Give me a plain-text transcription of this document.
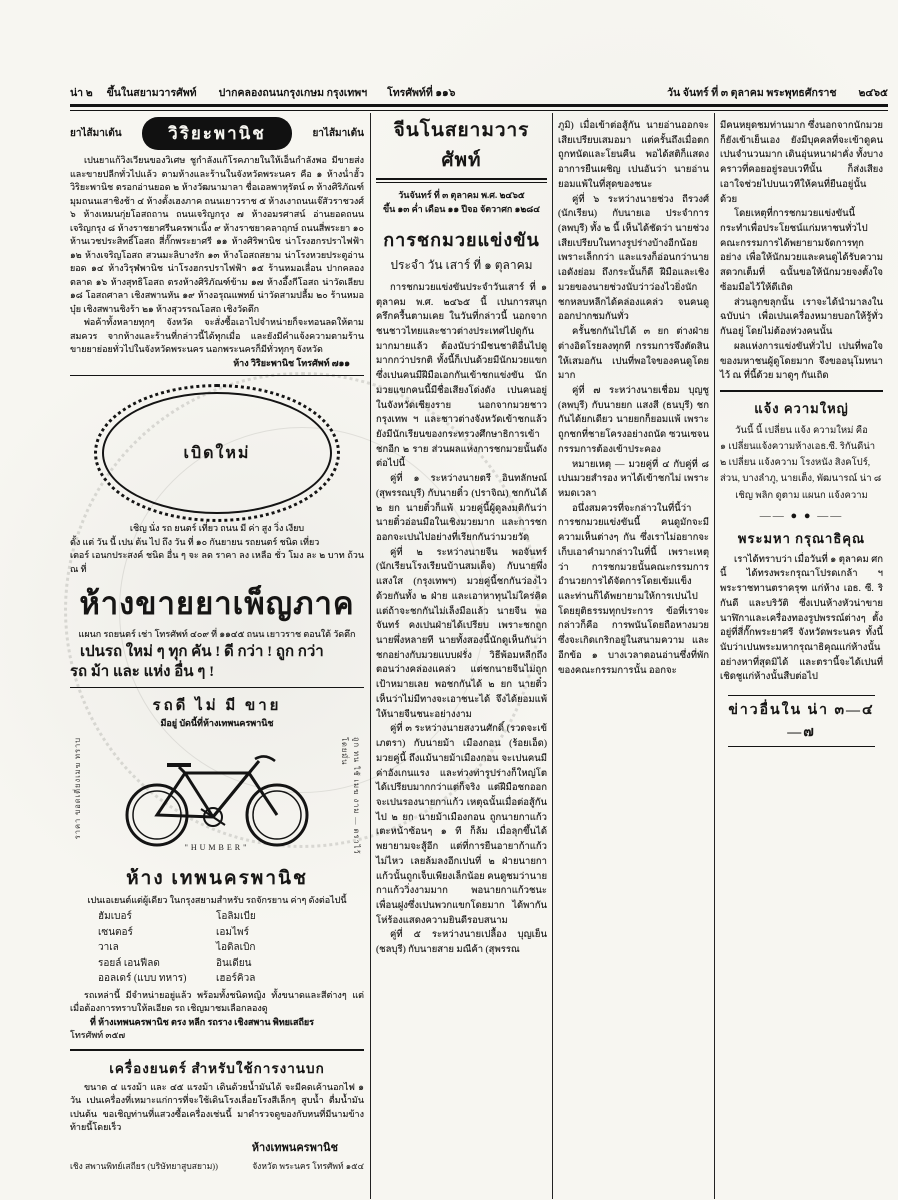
น่า ๒ ขึ้นในสยามวารศัพท์ ปากคลองถนนกรุงเกษม กรุงเทพฯ โทรศัพท์ที่ ๑๑๖	วัน จันทร์ ที่ ๓ ตุลาคม พระพุทธศักราช ๒๔๖๕
ยาไส้มาเต้น	วิริยะพานิช	ยาไส้มาเต้น

เปนยาแก้วิงเวียนของวิเศษ ชูกำลังแก้โรคภายในให้เอ็นกำลังพอ มีขายส่งและขายปลีกทั่วไปแล้ว ตามห้างและร้านในจังหวัดพระนคร คือ ๑ ห้างน่ำฮั้ววิริยะพานิช ตรอกอ่านยอด ๒ ห้างวัฒนามาลา ชื่อเอลพาหุรัตน์ ๓ ห้างศิริภัณฑ์ มุมถนนเสาชิงช้า ๔ ห้างตั้งเฮงภาค ถนนเยาวราช ๕ ห้างเงาถนนเจ๊สัวราชวงศ์ ๖ ห้างเหมนกุ่ยโอสถถาน ถนนเจริญกรุง ๗ ห้างอมรศาสน์ อ่านยอดถนนเจริญกรุง ๘ ห้างราชยาศรีนครพาเนิ้ง ๙ ห้างราชยาคลาฤกษ์ ถนนสี่พระยา ๑๐ ห้านเวชประสิทธิ์โอสถ สี่กั๊กพระยาศรี ๑๑ ห้างศิริพานิช น่าโรงฮกรปราไฟฟ้า ๑๒ ห้างเจริญโอสถ สวนมะลิบางรัก ๑๓ ห้างโอสถสยาม น่าโรงหวยประตูอ่านยอด ๑๔ ห้างวิรุฬพานิช น่าโรงฮกรปราไฟฟ้า ๑๕ ร้านหมอเลื่อน ปากคลองตลาด ๑๖ ห้างสุทธิโอสถ ตรงห้างศิริภัณฑ์ข้าม ๑๗ ห้างอึ้งกีโอสถ น่าวัดเลียบ ๑๘ โอสถศาลา เชิงสพานหัน ๑๙ ห้างอรุณแพทย์ น่าวัดสามปลื้ม ๒๐ ร้านหมอบุ๋ย เชิงสพานชิงร้า ๒๑ ห้างสุวรรณโอสถ เชิงวัดตึก

พ่อค้าทั้งหลายทุกๆ จังหวัด จะสั่งซื้อเอาไปจำหน่ายก็จะทอนลดให้ตามสมควร จากห้างและร้านที่กล่าวนี้ได้ทุกเมื่อ และยังมีคำแจ้งความตามร้านขายยาย่อยทั่วไปในจังหวัดพระนคร นอกพระนครก็มีทั่วทุกๆ จังหวัด

ห้าง วิริยะพานิช โทรศัพท์ ๗๑๑
เบิดใหม่
เชิญ นั่ง รถ ยนตร์ เที่ยว ถนน มี ค่า สูง วิ่ง เงียบ
ตั้ง แต่ วัน นี้ เปน ต้น ไป ถึง วัน ที่ ๑๐ กันยายน รถยนตร์ ชนิด เที่ยว
เตอร์ เอนกประสงค์ ชนิด อื่น ๆ จะ ลด ราคา ลง เหลือ ชั่ว โมง ละ ๒ บาท ถ้วน ณ ที่
ห้างขายยาเพ็ญภาค
แผนก รถยนตร์ เช่า โทรศัพท์ ๔๐๙ ที่ ๑๑๔๕ ถนน เยาวราช ตอนใต้ วัดตึก
เปนรถ ใหม่ ๆ ทุก คัน ! ดี กว่า ! ถูก กว่า
รถ ม้า และ แห่ง อื่น ๆ !
รถดี ไม่ มี ขาย
มีอยู่ บัดนี้ที่ห้างเทพนครพานิช
ราคา ขอดเตี่ยงเมฆ ทราบ	ถูก ทน ใช้ เมฆ งาม — ตราไว้ โดยมั่น
"HUMBER"
ห้าง เทพนครพานิช
เปนเอเยนต์แต่ผู้เดียว ในกรุงสยามสำหรับ รถจักรยาน ค่าๆ ดังต่อไปนี้
ฮัมเบอร์	โอลิมเบีย
เซนตอร์	เอมไพร์
วาเล	ไอดิลเบิก
รอยล์ เอนฟีลด	อินเดียน
ออลเดร์ (แบบ ทหาร)	เฮอร์คิวล

รถเหล่านี้ มีจำหน่ายอยู่แล้ว พร้อมทั้งชนิดหญิง ทั้งขนาดและสีต่างๆ แต่เมื่อต้องการทราบให้ลเอียด รถ เชิญมาชมเลือกลองดู

ที่ ห้างเทพนครพานิช ตรง หลีก รถราง เชิงสพาน พิทยเสถียร

โทรศัพท์ ๓๕๗
เครื่องยนตร์ สำหรับใช้การงานบก

ขนาด ๔ แรงม้า และ ๔๕ แรงม้า เดินด้วยน้ำมันได้ จะมีคดเค้านอกไฟ ๑ วัน เปนเครื่องที่เหมาะแก่การที่จะใช้เดินโรงเลื่อยโรงสีเล็กๆ สูบน้ำ ตื่มน้ำมันเปนต้น ขอเชิญท่านที่แสวงซื้อเครื่องเช่นนี้ มาดำรวจดูของกับหนที่มีนามข้างท้ายนี้โดยเร็ว

ห้างเทพนครพานิช
เชิง สพานพิทย์เสถียร (บริษัทยาสูบสยาม))	จังหวัด พระนคร โทรศัพท์ ๑๕๔
จีนโนสยามวารศัพท์
วันจันทร์ ที่ ๓ ตุลาคม พ.ศ. ๒๔๖๕
ขึ้น ๑๓ ค่ำ เดือน ๑๑ ปีจอ จัตวาศก ๑๒๘๔
การชกมวยแข่งขัน
ประจำ วัน เสาร์ ที่ ๑ ตุลาคม

การชกมวยแข่งขันประจำวันเสาร์ ที่ ๑ ตุลาคม พ.ศ. ๒๔๖๕ นี้ เปนการสนุกครึกครื้นตามเคย ในวันที่กล่าวนี้ นอกจากชนชาวไทยและชาวต่างประเทศไปดูกันมากมายแล้ว ต้องนับว่ามีชนชาติอื่นไปดูมากกว่าปรกติ ทั้งนี้ก็เปนด้วยมีนักมวยแขกซึ่งเปนคนมีฝีมือเอกกันเข้าชกแข่งขัน นักมวยแขกคนนี้มีชื่อเสียงโด่งดัง เปนคนอยู่ในจังหวัดเชียงราย นอกจากมวยชาวกรุงเทพ ฯ และชาวต่างจังหวัดเข้าชกแล้ว ยังมีนักเรียนของกระทรวงศึกษาธิการเข้าชกอีก ๒ ราย ส่วนผลแห่งการชกมวยนั้นดังต่อไปนี้

คู่ที่ ๑ ระหว่างนายตรี อินทลักษณ์ (สุพรรณบุรี) กับนายติ๋ว (ปราจิณ) ชกกันได้ ๒ ยก นายติ๋วก็แพ้ มวยคู่นี้ผู้ดูลงมติกันว่า นายติ๋วอ่อนมือในเชิงมวยมาก และการชกออกจะเปนไปอย่างที่เรียกกันว่ามวยวัด

คู่ที่ ๒ ระหว่างนายจีน พอจันทร์ (นักเรียนโรงเรียนบ้านสมเด็จ) กับนายพึ่ง แสงใส (กรุงเทพฯ) มวยคู่นี้ชกกันว่องไวด้วยกันทั้ง ๒ ฝ่าย และเอาหาทุนไม่ใคร่คิด แต่ถ้าจะชกกันไม่เล็งมือแล้ว นายจีน พอจันทร์ คงเปนฝ่ายได้เปรียบ เพราะชกถูกนายพึ่งหลายที นายทั้งสองนี้นักดูเห็นกันว่า ชกอย่างกับมวยแบบฝรั่ง วิธีพ้อมหลีกถึงตอนว่างคล่องแคล่ว แต่ชกนายจีนไม่ถูกเป้าหมายเลย พอชกกันได้ ๒ ยก นายติ๋วเห็นว่าไม่มีทางจะเอาชนะได้ จึงได้ยอมแพ้ให้นายจีนชนะอย่างงาม

คู่ที่ ๓ ระหว่างนายสงวนศักดิ์ (รวดจะเข้เภตรา) กับนายม้า เมืองกอน (ร้อยเอ็ด) มวยคู่นี้ ถึงแม้นายม้าเมืองกอน จะเปนคนมีค่าอังเกนแรง และท่วงท่ารูปร่างก็ใหญ่โต ได้เปรียบมากกว่าแต่ก็จริง แต่ฝีมือชกออกจะเปนรองนายกาแก้ว เหตุฉนั้นเมื่อต่อสู้กันไป ๒ ยก นายม้าเมืองกอน ถูกนายกาแก้วเตะหน้าซ้อนๆ ๑ ที ก็ล้ม เมื่อลุกขึ้นได้พยายามจะสู้อีก แต่ที่การยืนอายาก้าแก้วไม่ไหว เลยล้มลงอีกเปนที่ ๒ ฝ่ายนายกาแก้วนั้นถูกเจ็บเพียงเล็กน้อย คนดูชมว่านายกาแก้ววิ่งงามมาก พอนายกาแก้วชนะ เพื่อนฝูงซึ่งเปนพวกแขกโดยมาก ได้พากันโห่ร้องแสดงความยินดีรอบสนาม

คู่ที่ ๕ ระหว่างนายเปลื้อง บุญเย็น (ชลบุรี) กับนายสาย มณีค้า (สุพรรณ

ภูมิ) เมื่อเข้าต่อสู้กัน นายอ่านออกจะเสียเปรียบเสมอมา แต่ครั้นถึงเมื่อตกถูกทนัดและโยนคืน พอได้สติก็แสดงอาการยืนเผชิญ เปนอันว่า นายอ่านยอมแพ้ในที่สุดของชนะ

คู่ที่ ๖ ระหว่างนายช่วง ถีรวงศ์ (นักเรียน) กับนายเอ ประจำการ (ลพบุรี) ทั้ง ๒ นี้ เห็นได้ชัดว่า นายช่วงเสียเปรียบในทางรูปร่างบ้างอีกน้อย เพราะเล็กกว่า และแรงก็อ่อนกว่านายเอดังย่อม ถึงกระนั้นก็ดี ฝีมือและเชิงมวยของนายช่วงนับว่าว่องไวยิ่งนัก ชกหลบหลีกได้คล่องแคล่ว จนคนดูออกปากชมกันทั่ว

ครั้นชกกันไปได้ ๓ ยก ต่างฝ่ายต่างอิดโรยลงทุกที กรรมการจึงตัดสินให้เสมอกัน เปนที่พอใจของคนดูโดยมาก

คู่ที่ ๗ ระหว่างนายเชื่อม บุญชู (ลพบุรี) กับนายยก แสงสี (ธนบุรี) ชกกันได้ยกเดียว นายยกก็ยอมแพ้ เพราะถูกชกที่ชายโครงอย่างถนัด ซวนเซจนกรรมการต้องเข้าประคอง

หมายเหตุ — มวยคู่ที่ ๔ กับคู่ที่ ๘ เปนมวยสำรอง หาได้เข้าชกไม่ เพราะหมดเวลา

อนึ่งสมควรที่จะกล่าวในที่นี้ว่า การชกมวยแข่งขันนี้ คนดูมักจะมีความเห็นต่างๆ กัน ซึ่งเราไม่อยากจะเก็บเอาคำมากล่าวในที่นี้ เพราะเหตุว่า การชกมวยนั้นคณะกรรมการอำนวยการได้จัดการโดยเข้มแข็ง และท่านก็ได้พยายามให้การเปนไปโดยยุติธรรมทุกประการ ข้อที่เราจะกล่าวก็คือ การพนันโดยถือหางมวย ซึ่งจะเกิดเกริกอยู่ในสนามความ และอีกข้อ ๑ บางเวลาตอนอ่านซึ่งที่พักของคณะกรรมการนั้น ออกจะ

มีคนหยุดชมท่านมาก ซึ่งนอกจากนักมวยก็ยังเข้าเย็นเอง ยังมีบุคคลที่จะเข้าดูคนเปนจำนวนมาก เดินอุ่นหนาฝาคั่ง ทั้งบางคราวที่คอยอยู่รอบเวทีนั้น ก็ส่งเสียงเอาใจช่วยไปบนเวทีให้คนที่ยืนอยู่นั้นด้วย

โดยเหตุที่การชกมวยแข่งขันนี้ กระทำเพื่อประโยชน์แก่มหาชนทั่วไป คณะกรรมการได้พยายามจัดการทุกอย่าง เพื่อให้นักมวยและคนดูได้รับความสดวกเต็มที่ ฉนั้นขอให้นักมวยจงตั้งใจซ้อมมือไว้ให้ดีเถิด

ส่วนลูกขลุกนั้น เราจะได้นำมาลงในฉบับน่า เพื่อเปนเครื่องหมายบอกให้รู้ทั่วกันอยู่ โดยไม่ต้องห่วงคนนั้น

ผลแห่งการแข่งขันทั่วไป เปนที่พอใจของมหาชนผู้ดูโดยมาก จึงขออนุโมทนาไว้ ณ ที่นี้ด้วย มาดูๆ กันเถิด

แจ้ง ความใหญ่
วันนี้ นี้ เปลี่ยน แจ้ง ความใหม่ คือ
๑ เปลี่ยนแจ้งความห้างเอธ.ซี. ริกันดีน่า
๒ เปลี่ยน แจ้งความ โรงหนัง สิงคโปร์,
ส่วน, บางลำภู, นายเต็ง, พัฒนารณ์ น่า ๘
เชิญ พลิก ดูตาม แผนก แจ้งความ
—— ● ● ——
พระมหา กรุณาธิคุณ

เราได้ทราบว่า เมื่อวันที่ ๑ ตุลาคม ศกนี้ ได้ทรงพระกรุณาโปรดเกล้า ฯ พระราชทานตราครุฑ แก่ห้าง เอธ. ซี. ริกันดี และบริวัติ ซึ่งเปนห้างหัวน่าขายนาฬิกาและเครื่องทองรูปพรรณ์ต่างๆ ตั้งอยู่ที่สี่กั๊กพระยาศรี จังหวัดพระนคร ทั้งนี้นับว่าเปนพระมหากรุณาธิคุณแก่ห้างนั้นอย่างหาที่สุดมิได้ และตรานี้จะได้เปนที่เชิดชูแก่ห้างนั้นสืบต่อไป

ข่าวอื่นใน น่า ๓—๔—๗
